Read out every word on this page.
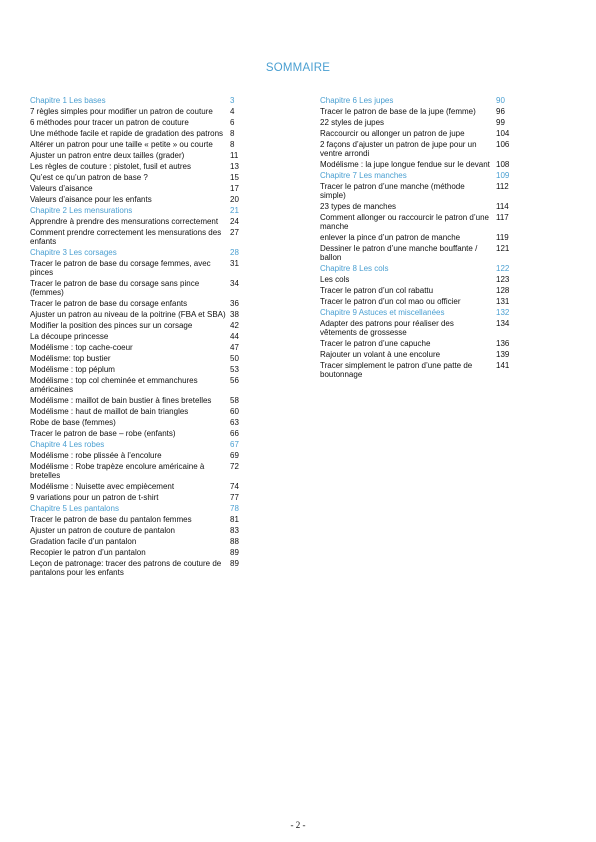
SOMMAIRE
Chapitre 1 Les bases	3
7 règles simples pour modifier un patron de couture	4
6 méthodes pour tracer un patron de couture	6
Une méthode facile et rapide de gradation des patrons 8
Altérer un patron pour une taille « petite » ou courte	8
Ajuster un patron entre deux tailles (grader)	11
Les règles de couture : pistolet, fusil et autres	13
Qu’est ce qu’un patron de base ?	15
Valeurs d’aisance	17
Valeurs d’aisance pour les enfants	20
Chapitre 2 Les mensurations	21
Apprendre à prendre des mensurations correctement	24
Comment prendre correctement les mensurations des enfants
27
Chapitre 3 Les corsages	28
Tracer le patron de base du corsage femmes, avec pinces
31
Tracer le patron de base du corsage sans pince (femmes)
34
Tracer le patron de base du corsage enfants	36
Ajuster un patron au niveau de la poitrine (FBA et SBA) 38
Modifier la position des pinces sur un corsage	42
La découpe princesse	44
Modélisme : top cache-coeur	47
Modélisme: top bustier	50
Modélisme : top péplum	53
Modélisme : top col cheminée et emmanchures américaines
56
Modélisme : maillot de bain bustier à fines bretelles	58
Modélisme : haut de maillot de bain triangles	60
Robe de base (femmes)	63
Tracer le patron de base – robe (enfants)	66
Chapitre 4 Les robes	67
Modélisme : robe plissée à l’encolure	69
Modélisme : Robe trapèze encolure américaine à bretelles
72
Modélisme : Nuisette avec empiècement	74
9 variations pour un patron de t-shirt	77
Chapitre 5 Les pantalons	78
Tracer le patron de base du pantalon femmes	81
Ajuster un patron de couture de pantalon	83
Gradation facile d’un pantalon	88
Recopier le patron d’un pantalon	89
Leçon de patronage: tracer des patrons de couture de pantalons pour les enfants
89
Chapitre 6 Les jupes	90
Tracer le patron de base de la jupe (femme)	96
22 styles de jupes	99
Raccourcir ou allonger un patron de jupe	104
2 façons d’ajuster un patron de jupe pour un ventre arrondi
106
Modélisme : la jupe longue fendue sur le devant 108
Chapitre 7 Les manches	109
Tracer le patron d’une manche (méthode simple)
112
23 types de manches	114
Comment allonger ou raccourcir le patron d’une manche
117
enlever la pince d’un patron de manche	119
Dessiner le patron d’une manche bouffante / ballon
121
Chapitre 8 Les cols	122
Les cols	123
Tracer le patron d’un col rabattu	128
Tracer le patron d’un col mao ou officier	131
Chapitre 9 Astuces et miscellanées	132
Adapter des patrons pour réaliser des vêtements de grossesse
134
Tracer le patron d’une capuche	136
Rajouter un volant à une encolure	139
Tracer simplement le patron d’une patte de boutonnage
141
- 2 -
